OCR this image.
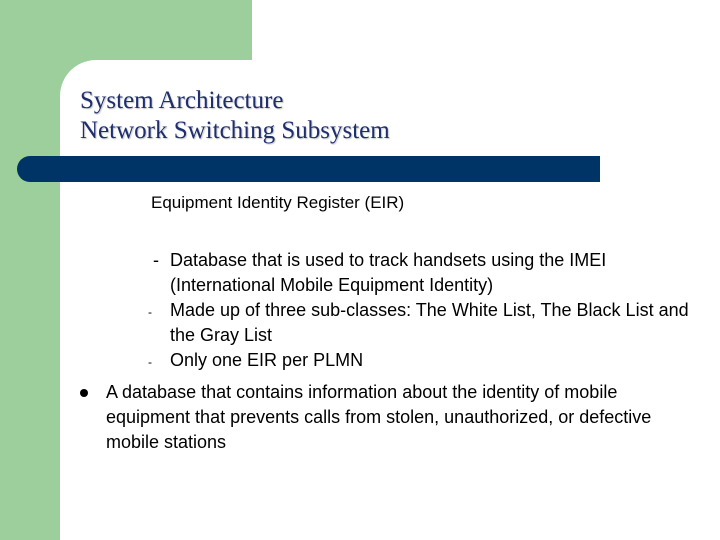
System Architecture
Network Switching Subsystem
Equipment Identity Register (EIR)
- Database that is used to track handsets using the IMEI (International Mobile Equipment Identity)
- Made up of three sub-classes: The White List, The Black List and the Gray List
- Only one EIR per PLMN
A database that contains information about the identity of mobile equipment that prevents calls from stolen, unauthorized, or defective mobile stations
